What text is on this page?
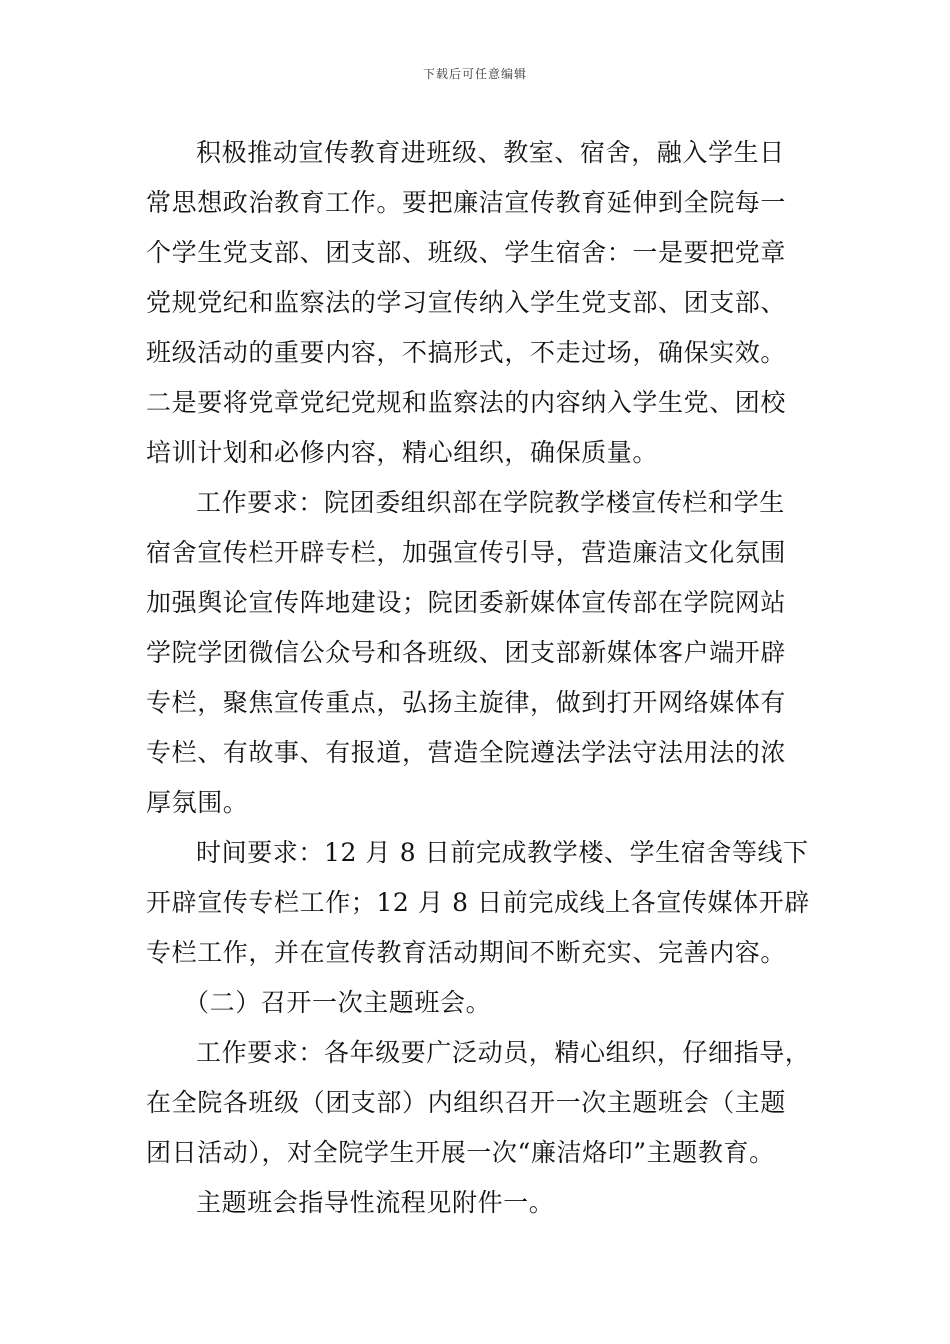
下载后可任意编辑
积极推动宣传教育进班级、教室、宿舍，融入学生日
常思想政治教育工作。要把廉洁宣传教育延伸到全院每一
个学生党支部、团支部、班级、学生宿舍：一是要把党章
党规党纪和监察法的学习宣传纳入学生党支部、团支部、
班级活动的重要内容，不搞形式，不走过场，确保实效。
二是要将党章党纪党规和监察法的内容纳入学生党、团校
培训计划和必修内容，精心组织，确保质量。
工作要求：院团委组织部在学院教学楼宣传栏和学生
宿舍宣传栏开辟专栏，加强宣传引导，营造廉洁文化氛围
加强舆论宣传阵地建设；院团委新媒体宣传部在学院网站
学院学团微信公众号和各班级、团支部新媒体客户端开辟
专栏，聚焦宣传重点，弘扬主旋律，做到打开网络媒体有
专栏、有故事、有报道，营造全院遵法学法守法用法的浓
厚氛围。
时间要求：12 月 8 日前完成教学楼、学生宿舍等线下
开辟宣传专栏工作；12 月 8 日前完成线上各宣传媒体开辟
专栏工作，并在宣传教育活动期间不断充实、完善内容。
（二）召开一次主题班会。
工作要求：各年级要广泛动员，精心组织，仔细指导，
在全院各班级（团支部）内组织召开一次主题班会（主题
团日活动），对全院学生开展一次“廉洁烙印”主题教育。
主题班会指导性流程见附件一。
